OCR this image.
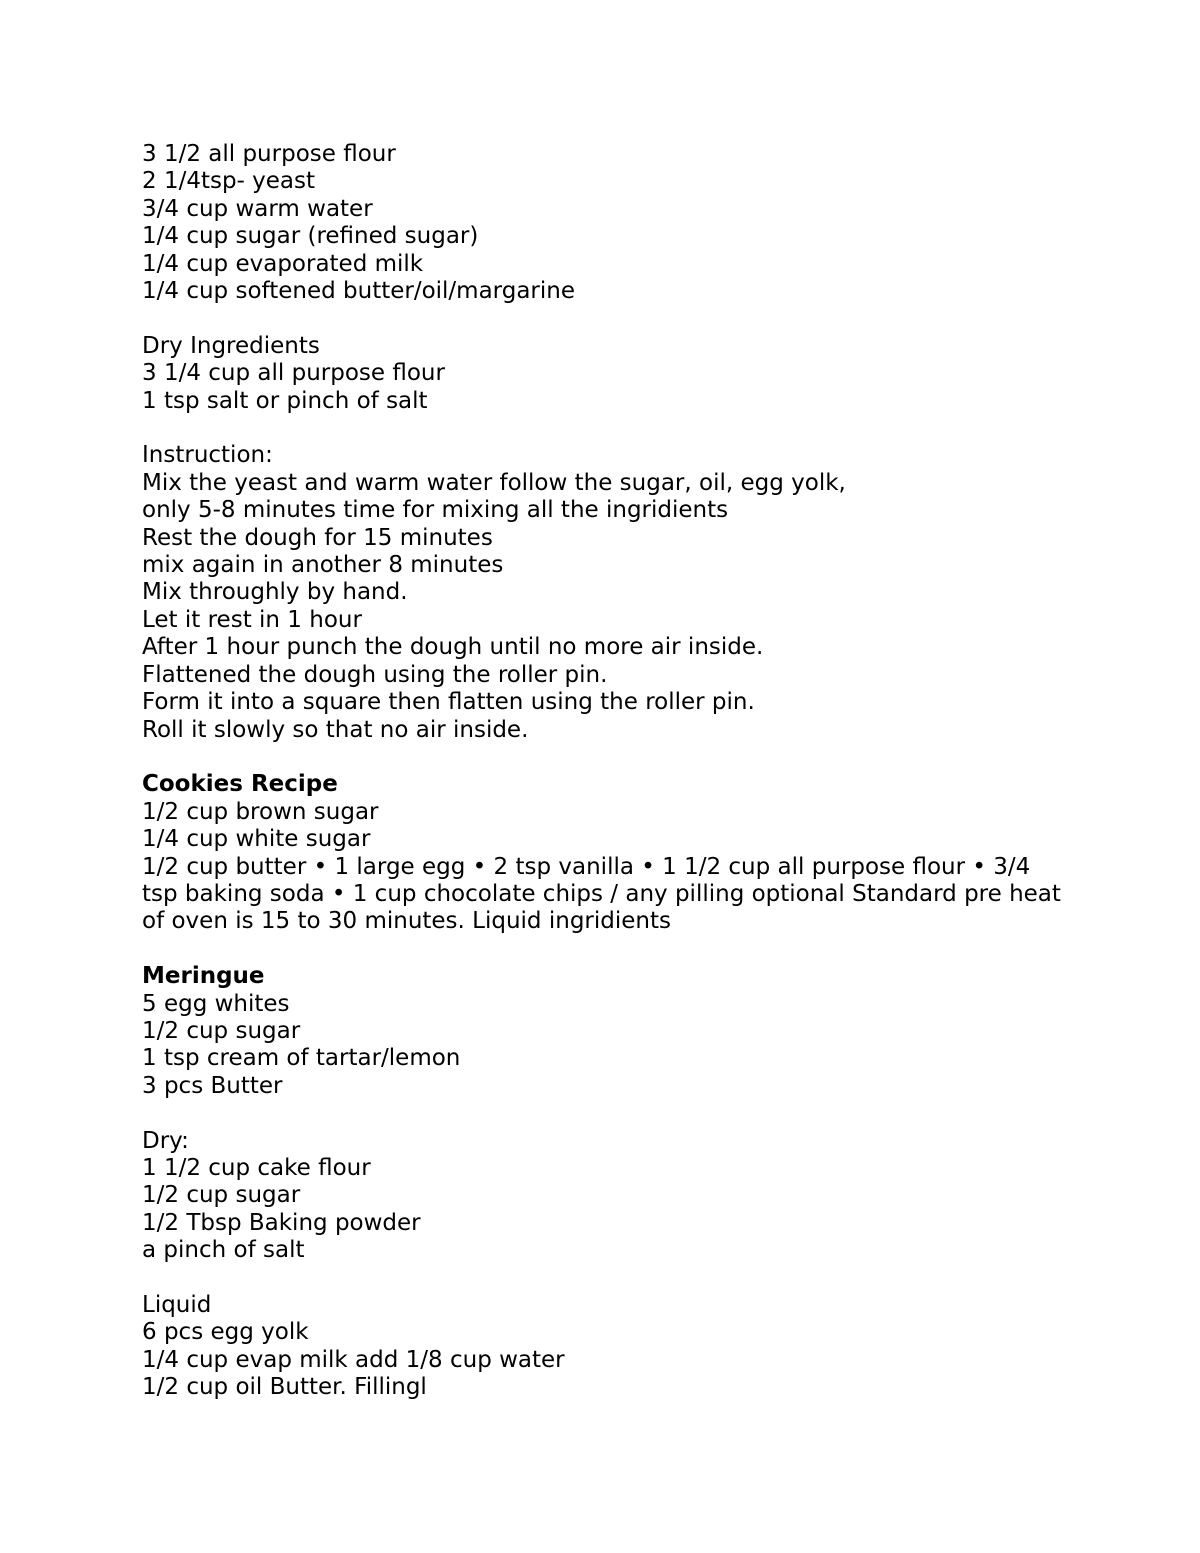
3 1/2 all purpose flour
2 1/4tsp- yeast
3/4 cup warm water
1/4 cup sugar (refined sugar)
1/4 cup evaporated milk
1/4 cup softened butter/oil/margarine
Dry Ingredients
3 1/4 cup all purpose flour
1 tsp salt or pinch of salt
Instruction:
Mix the yeast and warm water follow the sugar, oil, egg yolk,
only 5-8 minutes time for mixing all the ingridients
Rest the dough for 15 minutes
mix again in another 8 minutes
Mix throughly by hand.
Let it rest in 1 hour
After 1 hour punch the dough until no more air inside.
Flattened the dough using the roller pin.
Form it into a square then flatten using the roller pin.
Roll it slowly so that no air inside.
Cookies Recipe
1/2 cup brown sugar
1/4 cup white sugar
1/2 cup butter • 1 large egg • 2 tsp vanilla • 1 1/2 cup all purpose flour • 3/4 tsp baking soda • 1 cup chocolate chips / any pilling optional Standard pre heat of oven is 15 to 30 minutes. Liquid ingridients
Meringue
5 egg whites
1/2 cup sugar
1 tsp cream of tartar/lemon
3 pcs Butter
Dry:
1 1/2 cup cake flour
1/2 cup sugar
1/2 Tbsp Baking powder
a pinch of salt
Liquid
6 pcs egg yolk
1/4 cup evap milk add 1/8 cup water
1/2 cup oil Butter. Fillingl
